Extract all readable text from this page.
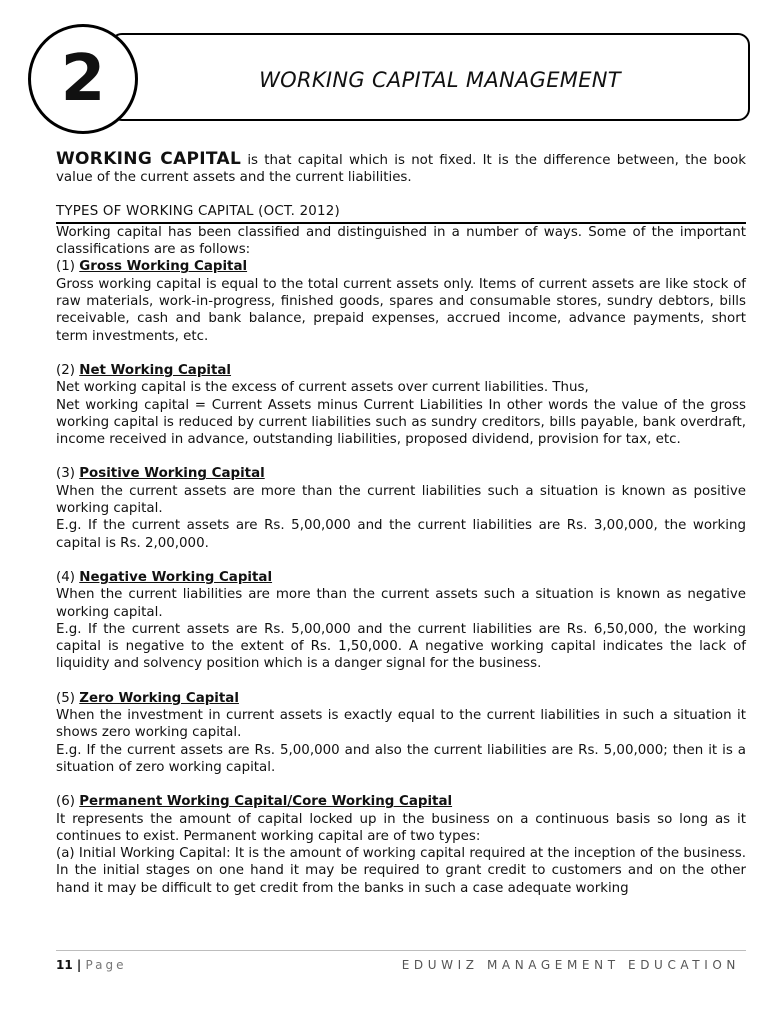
2	WORKING CAPITAL MANAGEMENT

WORKING CAPITAL is that capital which is not fixed. It is the difference between, the book value of the current assets and the current liabilities.

TYPES OF WORKING CAPITAL (OCT. 2012)

Working capital has been classified and distinguished in a number of ways. Some of the important classifications are as follows:

(1) Gross Working Capital

Gross working capital is equal to the total current assets only. Items of current assets are like stock of raw materials, work-in-progress, finished goods, spares and consumable stores, sundry debtors, bills receivable, cash and bank balance, prepaid expenses, accrued income, advance payments, short term investments, etc.

(2) Net Working Capital

Net working capital is the excess of current assets over current liabilities. Thus,

Net working capital = Current Assets minus Current Liabilities In other words the value of the gross working capital is reduced by current liabilities such as sundry creditors, bills payable, bank overdraft, income received in advance, outstanding liabilities, proposed dividend, provision for tax, etc.

(3) Positive Working Capital

When the current assets are more than the current liabilities such a situation is known as positive working capital.

E.g. If the current assets are Rs. 5,00,000 and the current liabilities are Rs. 3,00,000, the working capital is Rs. 2,00,000.

(4) Negative Working Capital

When the current liabilities are more than the current assets such a situation is known as negative working capital.

E.g. If the current assets are Rs. 5,00,000 and the current liabilities are Rs. 6,50,000, the working capital is negative to the extent of Rs. 1,50,000. A negative working capital indicates the lack of liquidity and solvency position which is a danger signal for the business.

(5) Zero Working Capital

When the investment in current assets is exactly equal to the current liabilities in such a situation it shows zero working capital.

E.g. If the current assets are Rs. 5,00,000 and also the current liabilities are Rs. 5,00,000; then it is a situation of zero working capital.

(6) Permanent Working Capital/Core Working Capital

It represents the amount of capital locked up in the business on a continuous basis so long as it continues to exist. Permanent working capital are of two types:

(a) Initial Working Capital: It is the amount of working capital required at the inception of the business. In the initial stages on one hand it may be required to grant credit to customers and on the other hand it may be difficult to get credit from the banks in such a case adequate working

11 | Page	EDUWIZ MANAGEMENT EDUCATION
